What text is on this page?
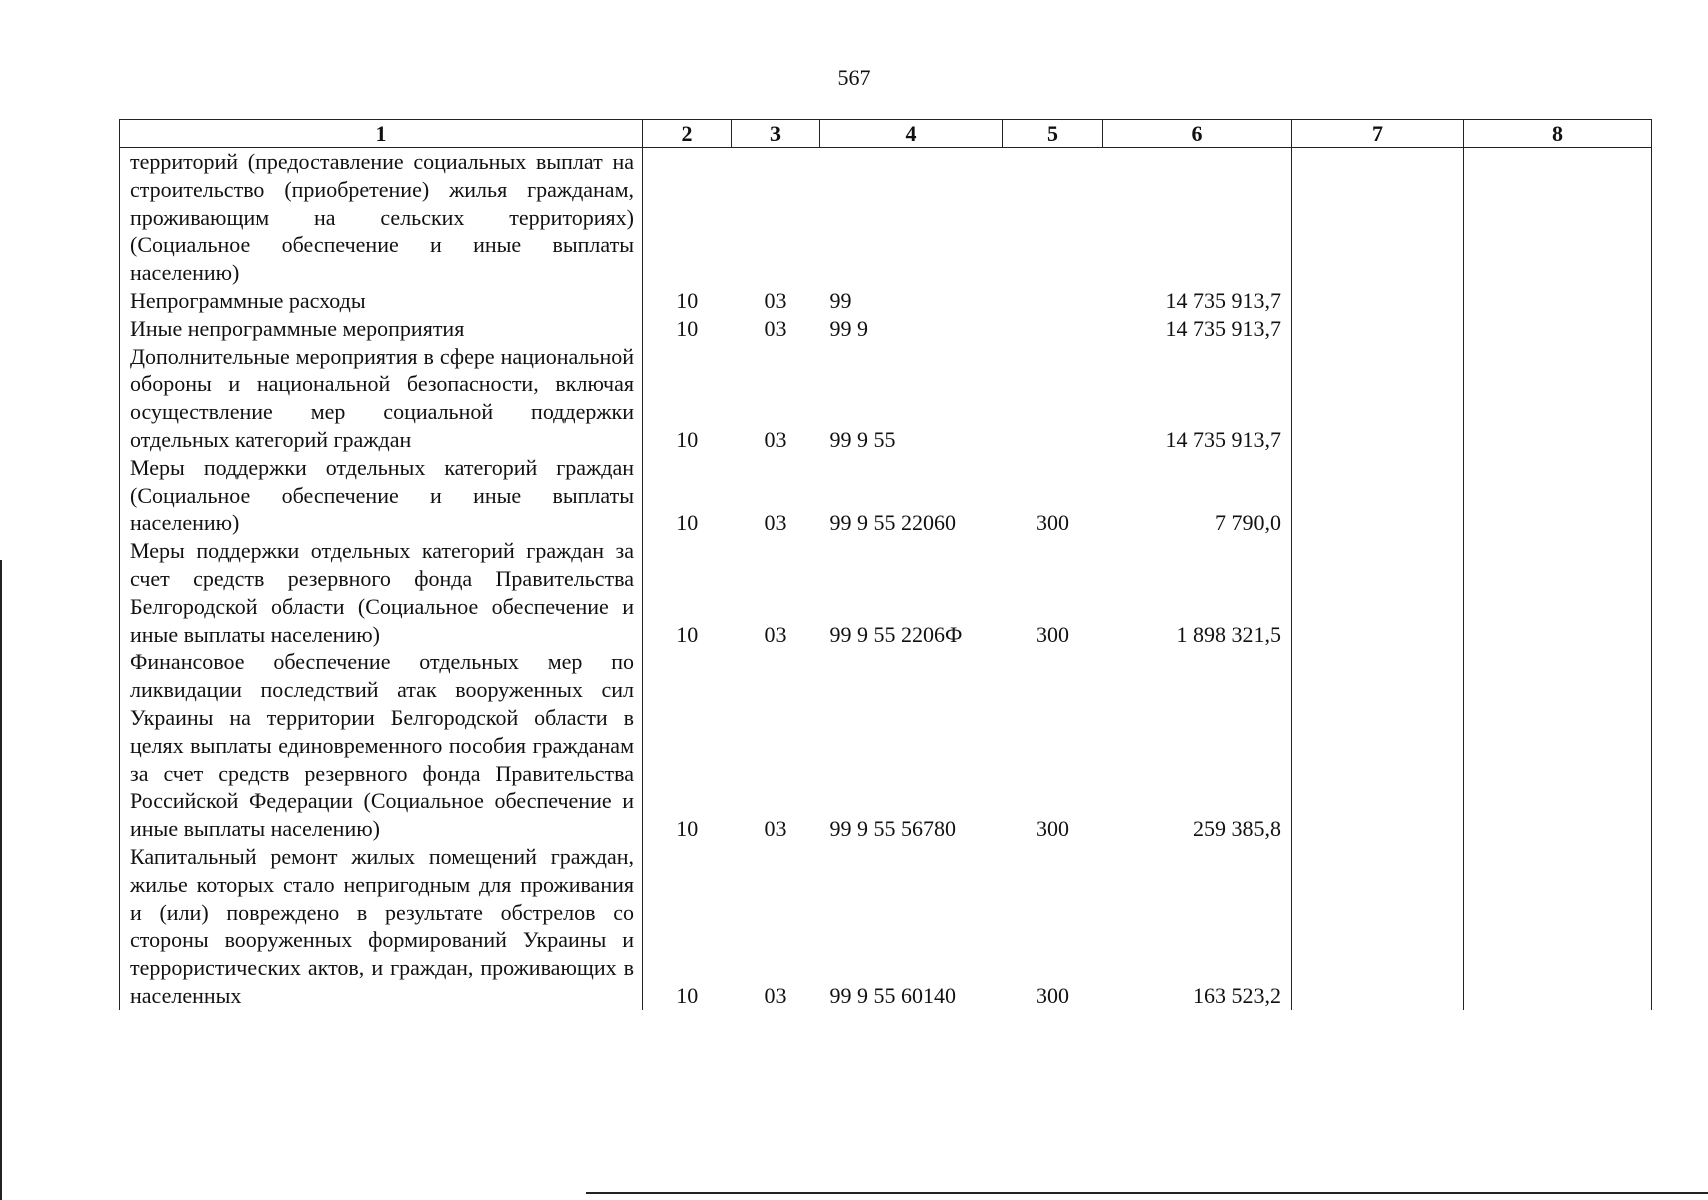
567
1	2	3	4	5	6	7	8
территорий (предоставление социальных выплат на строительство (приобретение) жилья гражданам, проживающим на сельских территориях) (Социальное обеспечение и иные выплаты населению)							
Непрограммные расходы	10	03	99		14 735 913,7		
Иные непрограммные мероприятия	10	03	99 9		14 735 913,7		
Дополнительные мероприятия в сфере национальной обороны и национальной безопасности, включая осуществление мер социальной поддержки отдельных категорий граждан	10	03	99 9 55		14 735 913,7		
Меры поддержки отдельных категорий граждан (Социальное обеспечение и иные выплаты населению)	10	03	99 9 55 22060	300	7 790,0		
Меры поддержки отдельных категорий граждан за счет средств резервного фонда Правительства Белгородской области (Социальное обеспечение и иные выплаты населению)	10	03	99 9 55 2206Ф	300	1 898 321,5		
Финансовое обеспечение отдельных мер по ликвидации последствий атак вооруженных сил Украины на территории Белгородской области в целях выплаты единовременного пособия гражданам за счет средств резервного фонда Правительства Российской Федерации (Социальное обеспечение и иные выплаты населению)	10	03	99 9 55 56780	300	259 385,8		
Капитальный ремонт жилых помещений граждан, жилье которых стало непригодным для проживания и (или) повреждено в результате обстрелов со стороны вооруженных формирований Украины и террористических актов, и граждан, проживающих в населенных	10	03	99 9 55 60140	300	163 523,2		
